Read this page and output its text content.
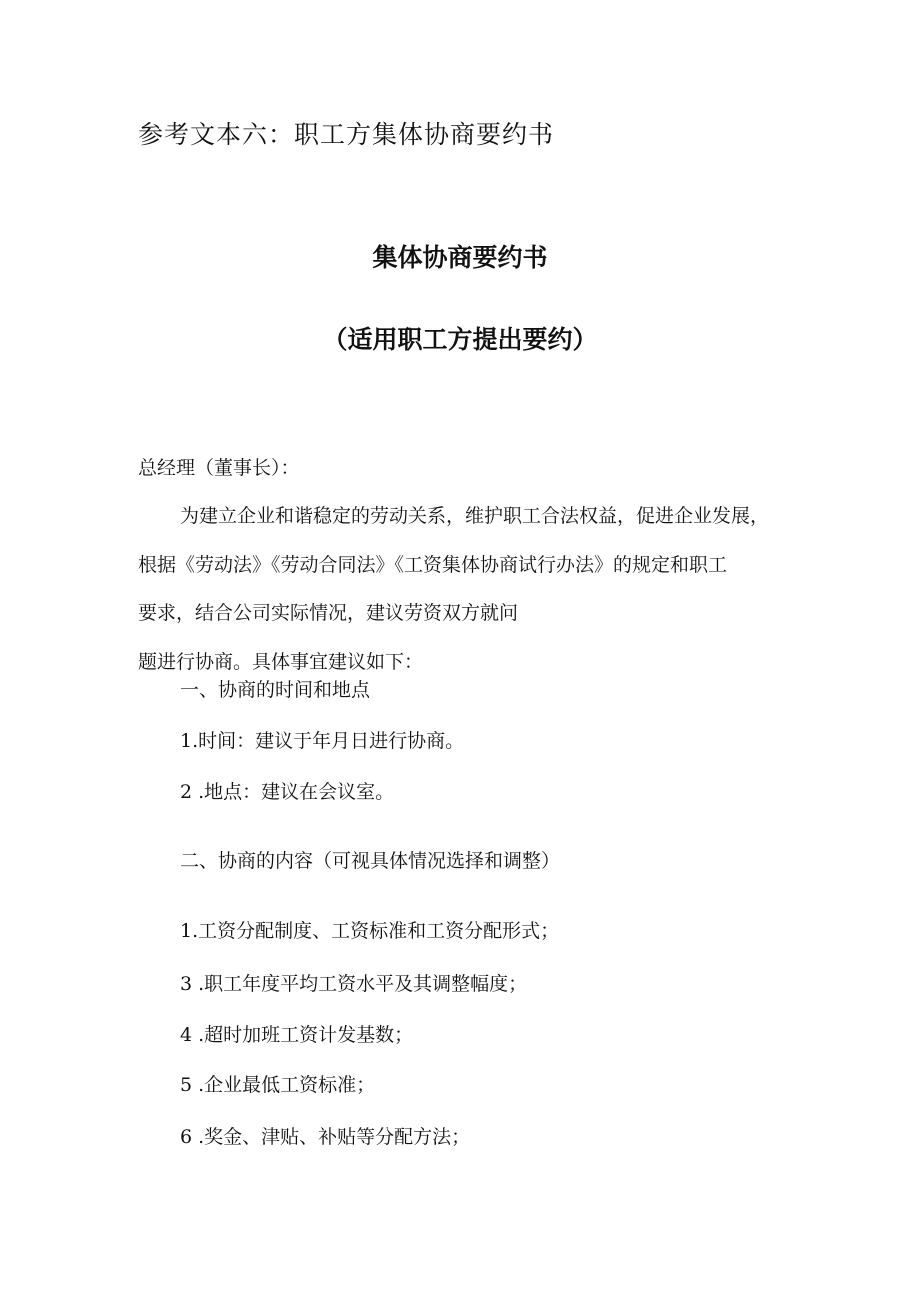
参考文本六：职工方集体协商要约书
集体协商要约书
（适用职工方提出要约）
总经理（董事长）：
为建立企业和谐稳定的劳动关系，维护职工合法权益，促进企业发展，
根据《劳动法》《劳动合同法》《工资集体协商试行办法》的规定和职工
要求，结合公司实际情况，建议劳资双方就问
题进行协商。具体事宜建议如下：
一、协商的时间和地点
1.时间：建议于年月日进行协商。
2 .地点：建议在会议室。
二、协商的内容（可视具体情况选择和调整）
1.工资分配制度、工资标准和工资分配形式；
3 .职工年度平均工资水平及其调整幅度；
4 .超时加班工资计发基数；
5 .企业最低工资标准；
6 .奖金、津贴、补贴等分配方法；
